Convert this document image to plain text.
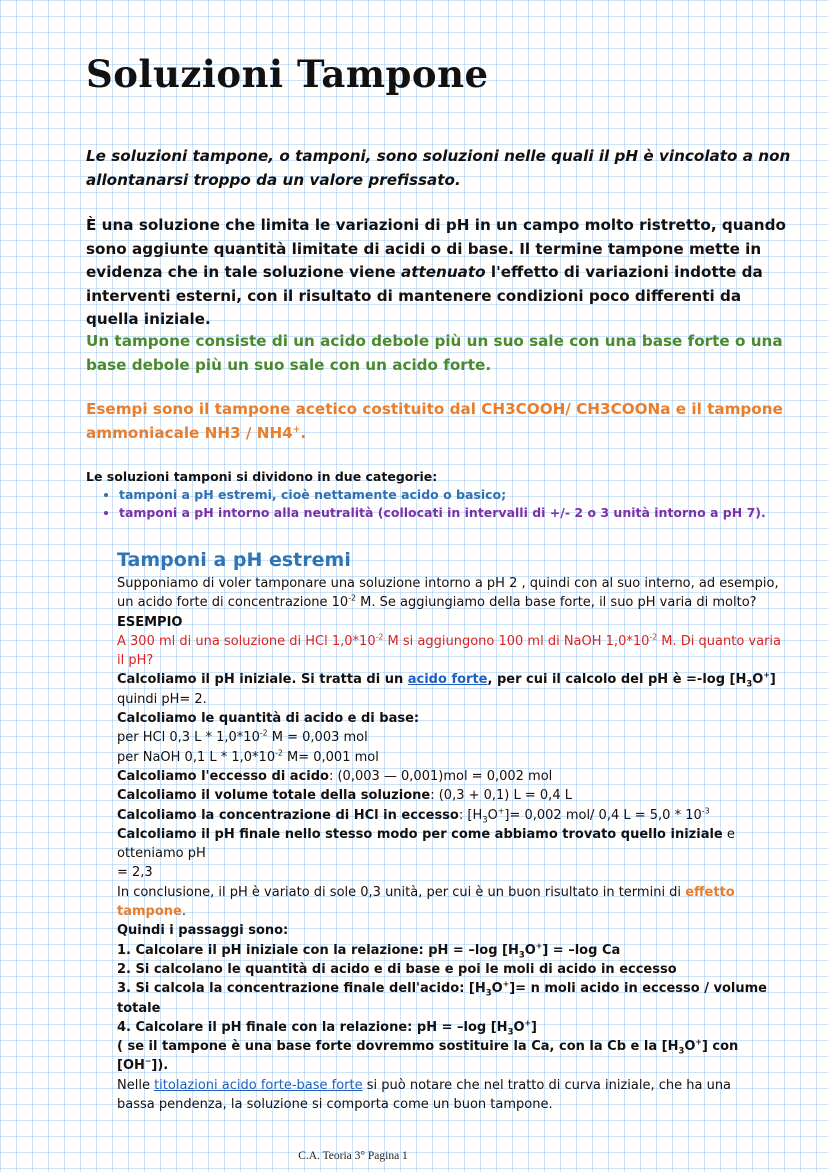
Soluzioni Tampone

Le soluzioni tampone, o tamponi, sono soluzioni nelle quali il pH è vincolato a non allontanarsi troppo da un valore prefissato.

È una soluzione che limita le variazioni di pH in un campo molto ristretto, quando sono aggiunte quantità limitate di acidi o di base. Il termine tampone mette in evidenza che in tale soluzione viene attenuato l'effetto di variazioni indotte da interventi esterni, con il risultato di mantenere condizioni poco differenti da quella iniziale.

Un tampone consiste di un acido debole più un suo sale con una base forte o una base debole più un suo sale con un acido forte.

Esempi sono il tampone acetico costituito dal CH3COOH/ CH3COONa e il tampone ammoniacale NH3 / NH4+.

Le soluzioni tamponi si dividono in due categorie:
• tamponi a pH estremi, cioè nettamente acido o basico;
• tamponi a pH intorno alla neutralità (collocati in intervalli di +/- 2 o 3 unità intorno a pH 7).
Tamponi a pH estremi

Supponiamo di voler tamponare una soluzione intorno a pH 2 , quindi con al suo interno, ad esempio,

un acido forte di concentrazione $10^{-2}$ M. Se aggiungiamo della base forte, il suo pH varia di molto?

ESEMPIO

A 300 ml di una soluzione di HCl $1,0*10^{-2}$ M si aggiungono 100 ml di NaOH $1,0*10^{-2}$ M. Di quanto varia

il pH?

Calcoliamo il pH iniziale. Si tratta di un acido forte, per cui il calcolo del pH è =-log $[H_3O^+]$

quindi pH= 2.

Calcoliamo le quantità di acido e di base:

per HCl 0,3 L * $1,0*10^{-2}$ M = 0,003 mol

per NaOH 0,1 L * $1,0*10^{-2}$ M= 0,001 mol

Calcoliamo l'eccesso di acido: (0,003 — 0,001)mol = 0,002 mol

Calcoliamo il volume totale della soluzione: (0,3 + 0,1) L = 0,4 L

Calcoliamo la concentrazione di HCl in eccesso: $[H_3O^+]= 0,002$ mol/ 0,4 $L = 5,0 * 10^{-3}$

Calcoliamo il pH finale nello stesso modo per come abbiamo trovato quello iniziale e otteniamo pH

= 2,3

In conclusione, il pH è variato di sole 0,3 unità, per cui è un buon risultato in termini di effetto

tampone.

Quindi i passaggi sono:

1. Calcolare il pH iniziale con la relazione: pH = –log $[H_3O^+] = -\log$ Ca

2. Si calcolano le quantità di acido e di base e poi le moli di acido in eccesso

3. Si calcola la concentrazione finale dell'acido: $[H_3O^+]= n$ moli acido in eccesso / volume totale

4. Calcolare il pH finale con la relazione: pH = –log $[H_3O^+]$

( se il tampone è una base forte dovremmo sostituire la Ca, con la Cb e la $[H_3O^+]$ con [OH−]).

Nelle titolazioni acido forte-base forte si può notare che nel tratto di curva iniziale, che ha una

bassa pendenza, la soluzione si comporta come un buon tampone.

C.A. Teoria 3° Pagina 1
